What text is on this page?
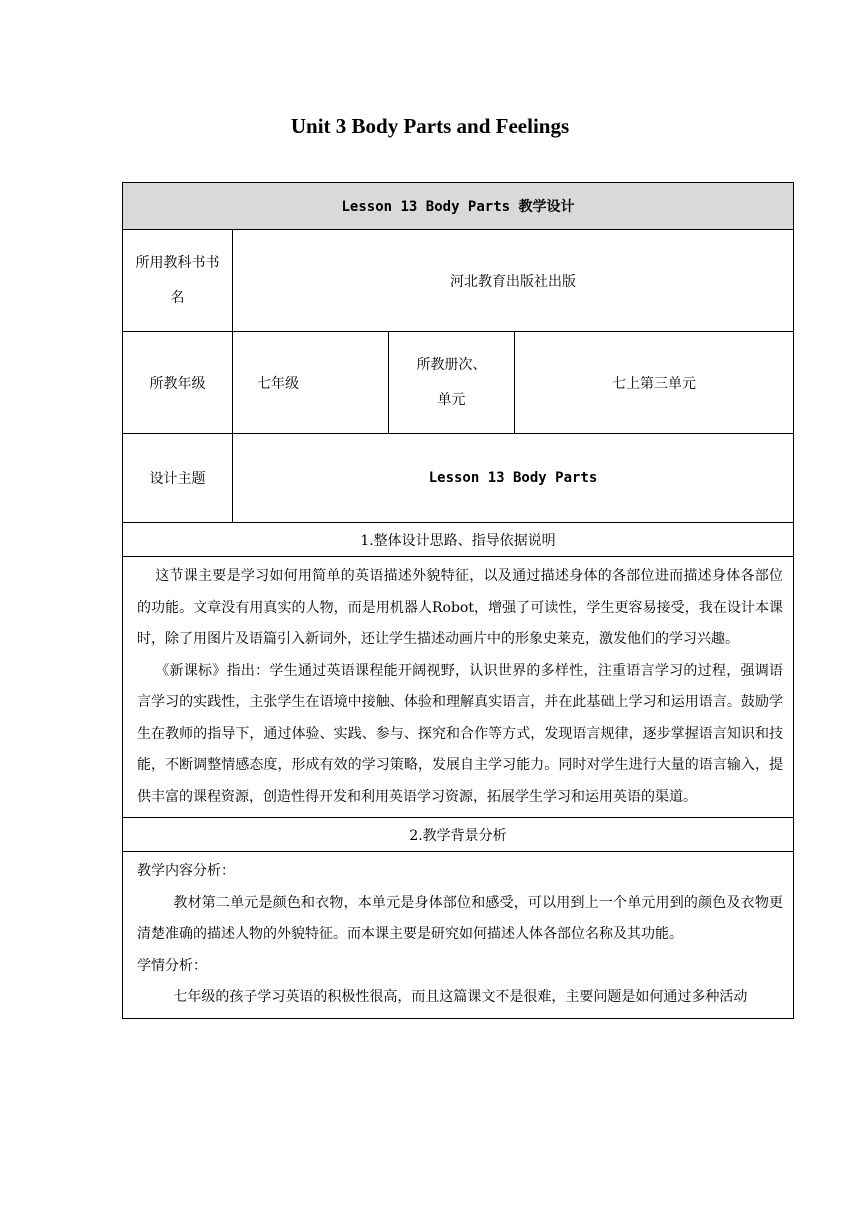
Unit 3 Body Parts and Feelings
Lesson 13 Body Parts 教学设计			
所用教科书书名	河北教育出版社出版		
所教年级	七年级	所教册次、单元	七上第三单元
设计主题	Lesson 13 Body Parts		
1.整体设计思路、指导依据说明			

这节课主要是学习如何用简单的英语描述外貌特征，以及通过描述身体的各部位进而描述身体各部位的功能。文章没有用真实的人物，而是用机器人Robot，增强了可读性，学生更容易接受，我在设计本课时，除了用图片及语篇引入新词外，还让学生描述动画片中的形象史莱克，激发他们的学习兴趣。

《新课标》指出：学生通过英语课程能开阔视野，认识世界的多样性，注重语言学习的过程，强调语言学习的实践性，主张学生在语境中接触、体验和理解真实语言，并在此基础上学习和运用语言。鼓励学生在教师的指导下，通过体验、实践、参与、探究和合作等方式，发现语言规律，逐步掌握语言知识和技能，不断调整情感态度，形成有效的学习策略，发展自主学习能力。同时对学生进行大量的语言输入，提供丰富的课程资源，创造性得开发和利用英语学习资源，拓展学生学习和运用英语的渠道。			

2.教学背景分析			

教学内容分析：

教材第二单元是颜色和衣物，本单元是身体部位和感受，可以用到上一个单元用到的颜色及衣物更清楚准确的描述人物的外貌特征。而本课主要是研究如何描述人体各部位名称及其功能。

学情分析：

七年级的孩子学习英语的积极性很高，而且这篇课文不是很难，主要问题是如何通过多种活动			
